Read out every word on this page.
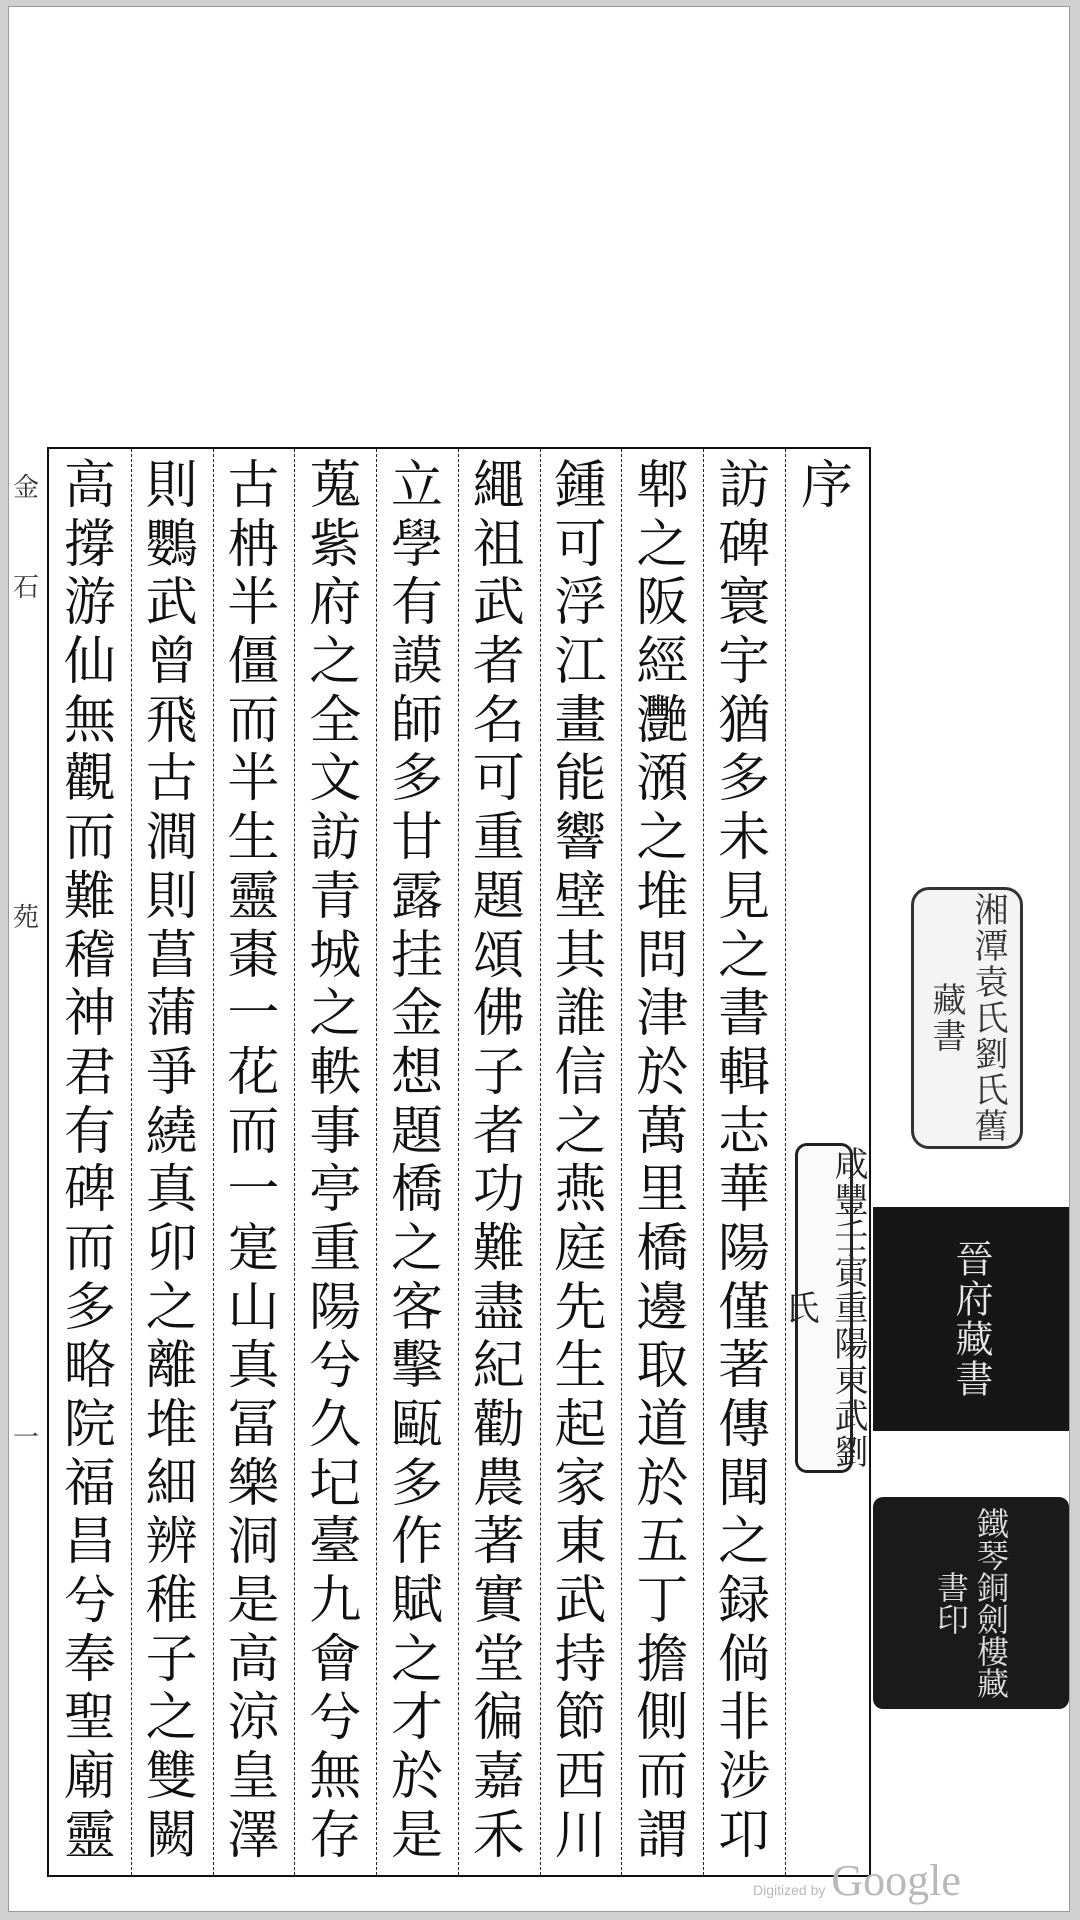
金
石
苑
一
序
訪
碑
寰
宇
猶
多
未
見
之
書
輯
志
華
陽
僅
著
傳
聞
之
録
倘
非
涉
卭
郫
之
阪
經
灧
澦
之
堆
問
津
於
萬
里
橋
邊
取
道
於
五
丁
擔
側
而
謂
鍾
可
浮
江
畫
能
響
壁
其
誰
信
之
燕
庭
先
生
起
家
東
武
持
節
西
川
繩
祖
武
者
名
可
重
題
頌
佛
子
者
功
難
盡
紀
勸
農
著
實
堂
徧
嘉
禾
立
學
有
謨
師
多
甘
露
挂
金
想
題
橋
之
客
擊
甌
多
作
賦
之
才
於
是
蒐
紫
府
之
全
文
訪
青
城
之
軼
事
亭
重
陽
兮
久
圮
臺
九
會
兮
無
存
古
柟
半
僵
而
半
生
靈
棗
一
花
而
一
寔
山
真
冨
樂
洞
是
高
涼
皇
澤
則
鸚
武
曾
飛
古
澗
則
菖
蒲
爭
繞
真
卯
之
離
堆
細
辨
稚
子
之
雙
闕
高
撐
游
仙
無
觀
而
難
稽
神
君
有
碑
而
多
略
院
福
昌
兮
奉
聖
廟
靈
湘潭袁氏劉氏舊藏書
咸豐壬寅重陽東武劉氏	晉府藏書
鐵琴銅劍樓藏書印
Digitized by Google
